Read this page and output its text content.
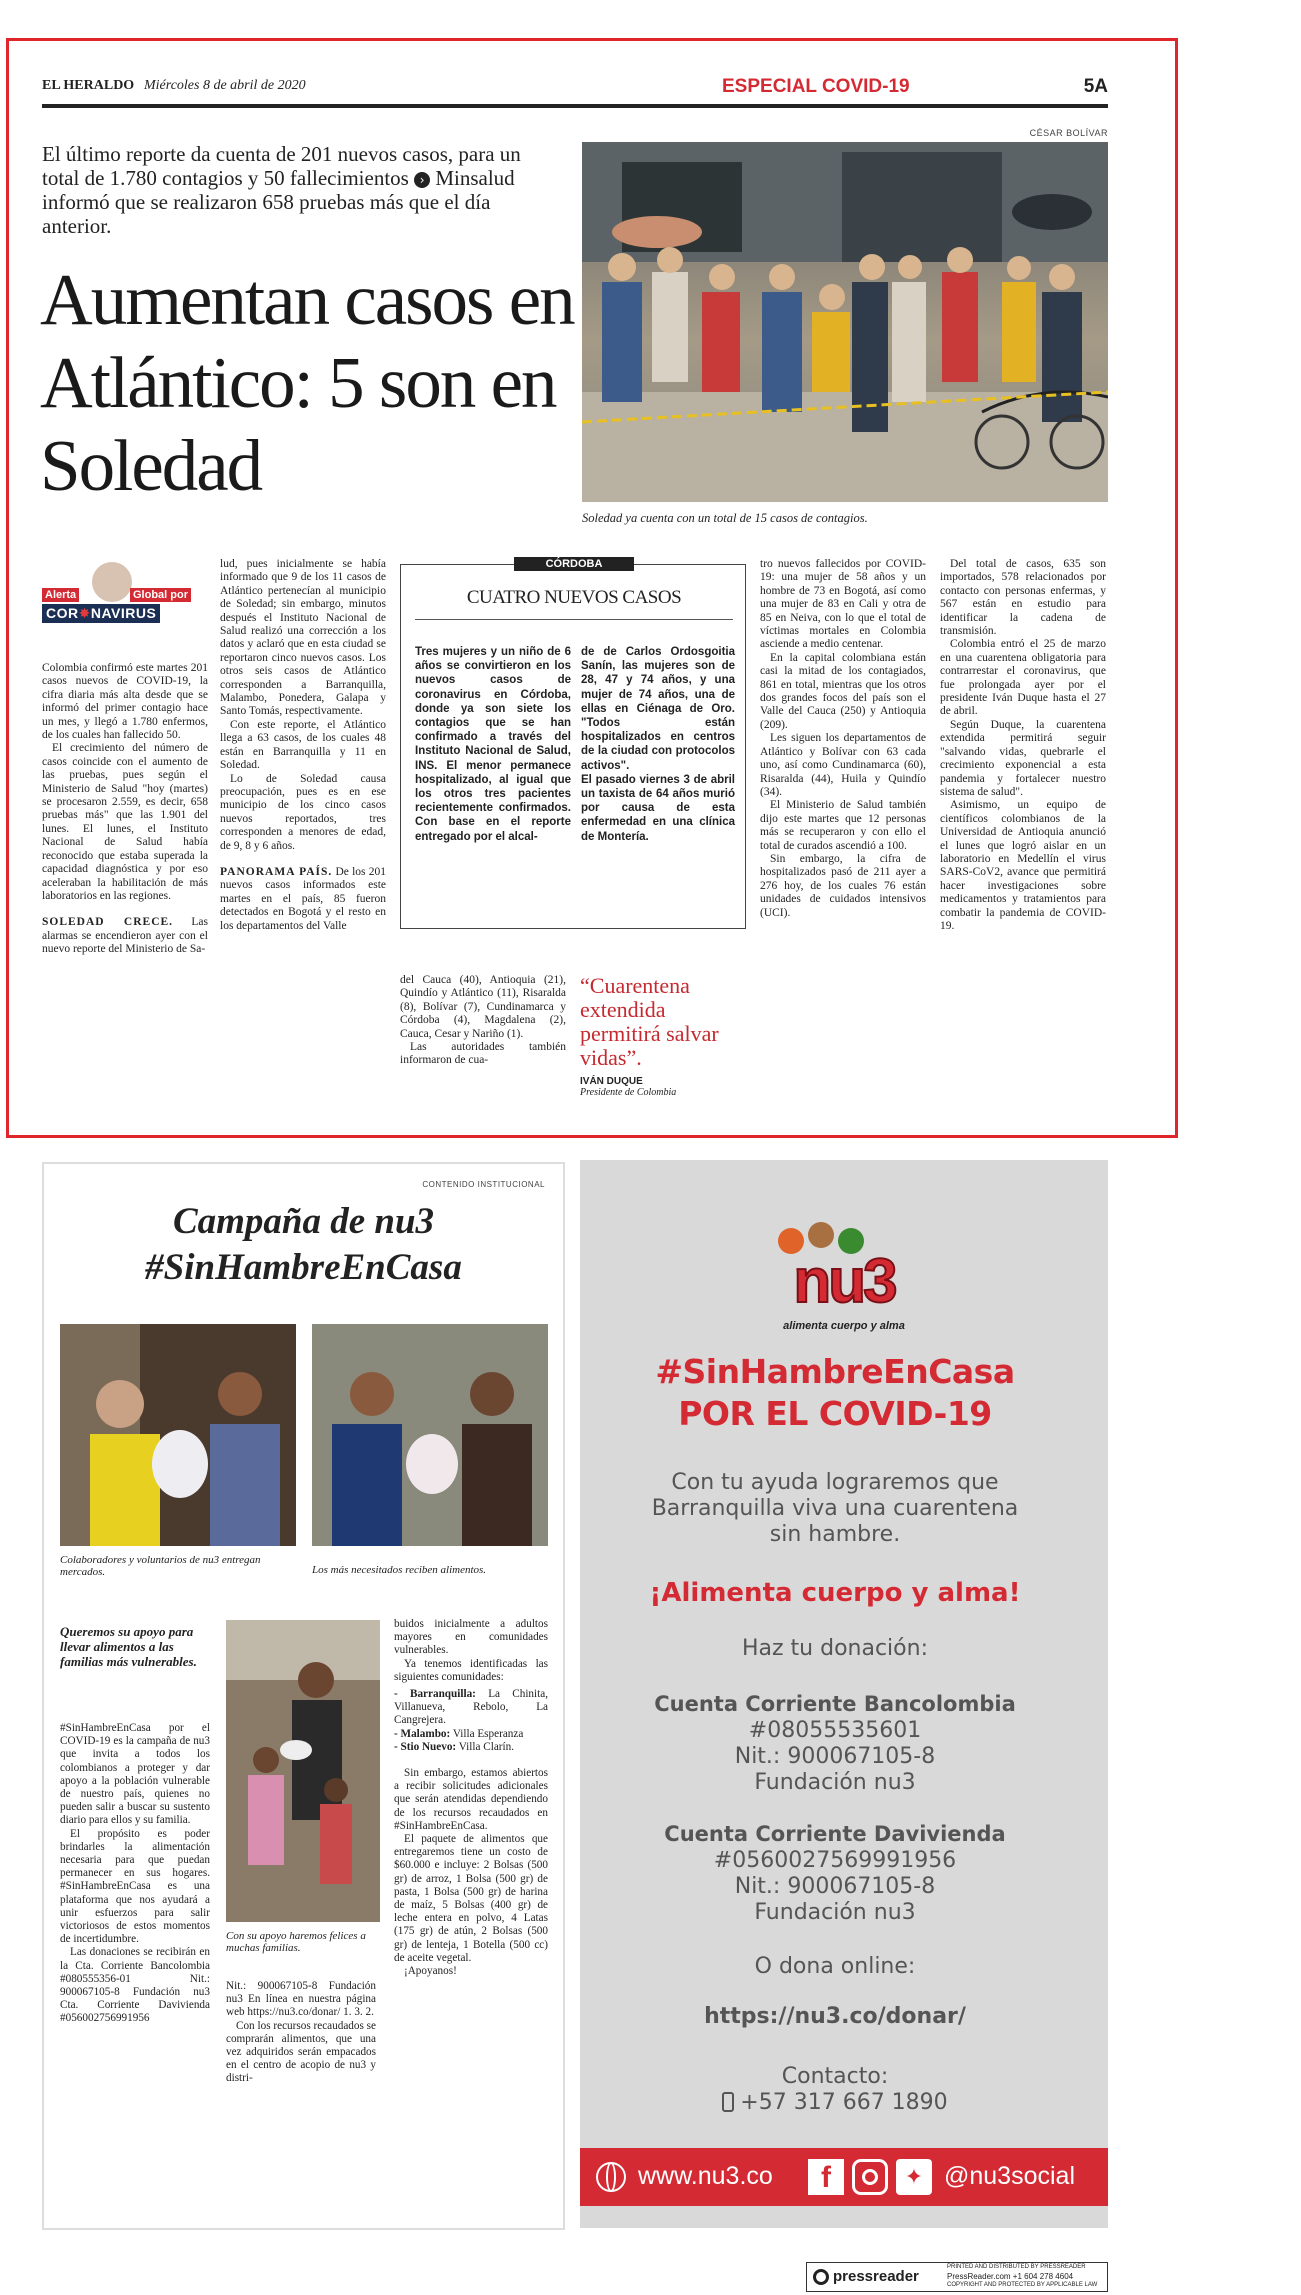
EL HERALDO Miércoles 8 de abril de 2020	ESPECIAL COVID-19	5A
El último reporte da cuenta de 201 nuevos casos, para un total de 1.780 contagios y 50 fallecimientos › Minsalud informó que se realizaron 658 pruebas más que el día anterior.
Aumentan casos en Atlántico: 5 son en Soledad
CÉSAR BOLÍVAR
Soledad ya cuenta con un total de 15 casos de contagios.
Alerta	Global por
COR✸NAVIRUS

Colombia confirmó este martes 201 casos nuevos de COVID-19, la cifra diaria más alta desde que se informó del primer contagio hace un mes, y llegó a 1.780 enfermos, de los cuales han fallecido 50.

El crecimiento del número de casos coincide con el aumento de las pruebas, pues según el Ministerio de Salud "hoy (martes) se procesaron 2.559, es decir, 658 pruebas más" que las 1.901 del lunes. El lunes, el Instituto Nacional de Salud había reconocido que estaba superada la capacidad diagnóstica y por eso aceleraban la habilitación de más laboratorios en las regiones.

SOLEDAD CRECE. Las alarmas se encendieron ayer con el nuevo reporte del Ministerio de Sa-

lud, pues inicialmente se había informado que 9 de los 11 casos de Atlántico pertenecían al municipio de Soledad; sin embargo, minutos después el Instituto Nacional de Salud realizó una corrección a los datos y aclaró que en esta ciudad se reportaron cinco nuevos casos. Los otros seis casos de Atlántico corresponden a Barranquilla, Malambo, Ponedera, Galapa y Santo Tomás, respectivamente.

Con este reporte, el Atlántico llega a 63 casos, de los cuales 48 están en Barranquilla y 11 en Soledad.

Lo de Soledad causa preocupación, pues es en ese municipio de los cinco casos nuevos reportados, tres corresponden a menores de edad, de 9, 8 y 6 años.

PANORAMA PAÍS. De los 201 nuevos casos informados este martes en el país, 85 fueron detectados en Bogotá y el resto en los departamentos del Valle

CÓRDOBA
CUATRO NUEVOS CASOS

Tres mujeres y un niño de 6 años se convirtieron en los nuevos casos de coronavirus en Córdoba, donde ya son siete los contagios que se han confirmado a través del Instituto Nacional de Salud, INS. El menor permanece hospitalizado, al igual que los otros tres pacientes recientemente confirmados. Con base en el reporte entregado por el alcal-

de de Carlos Ordosgoitia Sanín, las mujeres son de 28, 47 y 74 años, y una mujer de 74 años, una de ellas en Ciénaga de Oro. "Todos están hospitalizados en centros de la ciudad con protocolos activos".

El pasado viernes 3 de abril un taxista de 64 años murió por causa de esta enfermedad en una clínica de Montería.

del Cauca (40), Antioquia (21), Quindío y Atlántico (11), Risaralda (8), Bolívar (7), Cundinamarca y Córdoba (4), Magdalena (2), Cauca, Cesar y Nariño (1).

Las autoridades también informaron de cua-

“Cuarentena extendida permitirá salvar vidas”.
IVÁN DUQUE
Presidente de Colombia

tro nuevos fallecidos por COVID-19: una mujer de 58 años y un hombre de 73 en Bogotá, así como una mujer de 83 en Cali y otra de 85 en Neiva, con lo que el total de víctimas mortales en Colombia asciende a medio centenar.

En la capital colombiana están casi la mitad de los contagiados, 861 en total, mientras que los otros dos grandes focos del país son el Valle del Cauca (250) y Antioquia (209).

Les siguen los departamentos de Atlántico y Bolívar con 63 cada uno, así como Cundinamarca (60), Risaralda (44), Huila y Quindío (34).

El Ministerio de Salud también dijo este martes que 12 personas más se recuperaron y con ello el total de curados ascendió a 100.

Sin embargo, la cifra de hospitalizados pasó de 211 ayer a 276 hoy, de los cuales 76 están unidades de cuidados intensivos (UCI).

Del total de casos, 635 son importados, 578 relacionados por contacto con personas enfermas, y 567 están en estudio para identificar la cadena de transmisión.

Colombia entró el 25 de marzo en una cuarentena obligatoria para contrarrestar el coronavirus, que fue prolongada ayer por el presidente Iván Duque hasta el 27 de abril.

Según Duque, la cuarentena extendida permitirá seguir "salvando vidas, quebrarle el crecimiento exponencial a esta pandemia y fortalecer nuestro sistema de salud".

Asimismo, un equipo de científicos colombianos de la Universidad de Antioquia anunció el lunes que logró aislar en un laboratorio en Medellín el virus SARS-CoV2, avance que permitirá hacer investigaciones sobre medicamentos y tratamientos para combatir la pandemia de COVID-19.

CONTENIDO INSTITUCIONAL
Campaña de nu3
#SinHambreEnCasa
Colaboradores y voluntarios de nu3 entregan mercados.	Los más necesitados reciben alimentos.
Queremos su apoyo para llevar alimentos a las familias más vulnerables.

#SinHambreEnCasa por el COVID-19 es la campaña de nu3 que invita a todos los colombianos a proteger y dar apoyo a la población vulnerable de nuestro país, quienes no pueden salir a buscar su sustento diario para ellos y su familia.

El propósito es poder brindarles la alimentación necesaria para que puedan permanecer en sus hogares. #SinHambreEnCasa es una plataforma que nos ayudará a unir esfuerzos para salir victoriosos de estos momentos de incertidumbre.

Las donaciones se recibirán en la Cta. Corriente Bancolombia #080555356-01 Nit.: 900067105-8 Fundación nu3 Cta. Corriente Davivienda #056002756991956

Con su apoyo haremos felices a muchas familias.

Nit.: 900067105-8 Fundación nu3 En línea en nuestra página web https://nu3.co/donar/ 1. 3. 2.

Con los recursos recaudados se comprarán alimentos, que una vez adquiridos serán empacados en el centro de acopio de nu3 y distri-

buidos inicialmente a adultos mayores en comunidades vulnerables.

Ya tenemos identificadas las siguientes comunidades:

- Barranquilla: La Chinita, Villanueva, Rebolo, La Cangrejera.

- Malambo: Villa Esperanza

- Stio Nuevo: Villa Clarín.

Sin embargo, estamos abiertos a recibir solicitudes adicionales que serán atendidas dependiendo de los recursos recaudados en #SinHambreEnCasa.

El paquete de alimentos que entregaremos tiene un costo de $60.000 e incluye: 2 Bolsas (500 gr) de arroz, 1 Bolsa (500 gr) de pasta, 1 Bolsa (500 gr) de harina de maíz, 5 Bolsas (400 gr) de leche entera en polvo, 4 Latas (175 gr) de atún, 2 Bolsas (500 gr) de lenteja, 1 Botella (500 cc) de aceite vegetal.

¡Apoyanos!

nu3
alimenta cuerpo y alma
#SinHambreEnCasa
POR EL COVID-19
Con tu ayuda lograremos que Barranquilla viva una cuarentena sin hambre.
¡Alimenta cuerpo y alma!
Haz tu donación:
Cuenta Corriente Bancolombia
#08055535601
Nit.: 900067105-8
Fundación nu3
Cuenta Corriente Davivienda
#0560027569991956
Nit.: 900067105-8
Fundación nu3
O dona online:
https://nu3.co/donar/
Contacto:
+57 317 667 1890
www.nu3.co	f	✦ @nu3social
pressreader
PRINTED AND DISTRIBUTED BY PRESSREADER
PressReader.com +1 604 278 4604
COPYRIGHT AND PROTECTED BY APPLICABLE LAW
